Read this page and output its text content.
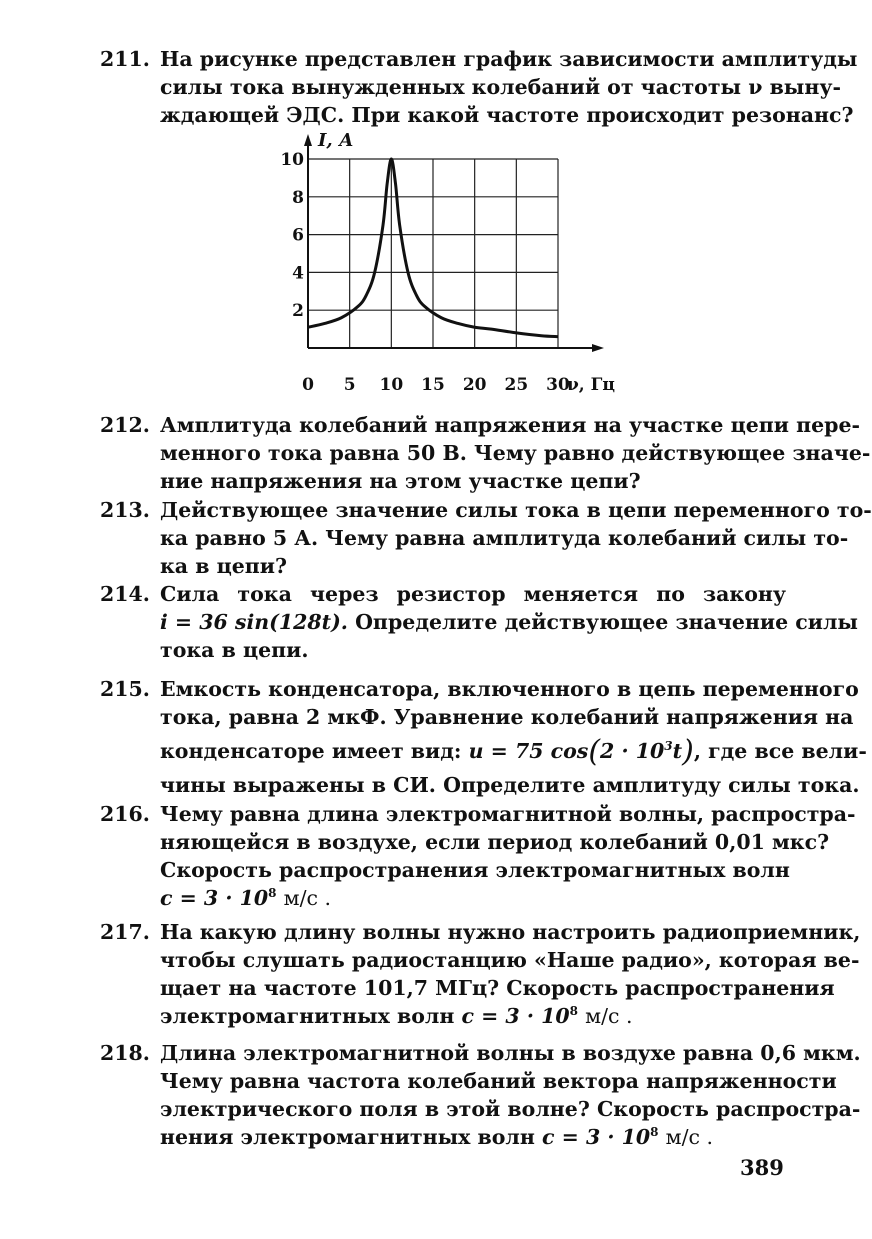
211. На рисунке представлен график зависимости амплитуды
силы тока вынужденных колебаний от частоты ν выну-
ждающей ЭДС. При какой частоте происходит резонанс?
0 5 10 15 20 25 30
2
4
6
8
10
I, А
ν, Гц
212. Амплитуда колебаний напряжения на участке цепи пере-
менного тока равна 50 В. Чему равно действующее значе-
ние напряжения на этом участке цепи?
213. Действующее значение силы тока в цепи переменного то-
ка равно 5 А. Чему равна амплитуда колебаний силы то-
ка в цепи?
214. Сила тока через резистор меняется по закону
i = 36 sin(128t). Определите действующее значение силы
тока в цепи.
215. Емкость конденсатора, включенного в цепь переменного
тока, равна 2 мкФ. Уравнение колебаний напряжения на
конденсаторе имеет вид: u = 75 $\cos(2 \cdot 10^3t)$, где все вели-
чины выражены в СИ. Определите амплитуду силы тока.
216. Чему равна длина электромагнитной волны, распростра-
няющейся в воздухе, если период колебаний 0,01 мкс?
Скорость распространения электромагнитных волн
$c = 3 \cdot 10^8$ м/с .
217. На какую длину волны нужно настроить радиоприемник,
чтобы слушать радиостанцию «Наше радио», которая ве-
щает на частоте 101,7 МГц? Скорость распространения
электромагнитных волн $c = 3 \cdot 10^8$ м/с .
218. Длина электромагнитной волны в воздухе равна 0,6 мкм.
Чему равна частота колебаний вектора напряженности
электрического поля в этой волне? Скорость распростра-
нения электромагнитных волн $c = 3 \cdot 10^8$ м/с .
389
